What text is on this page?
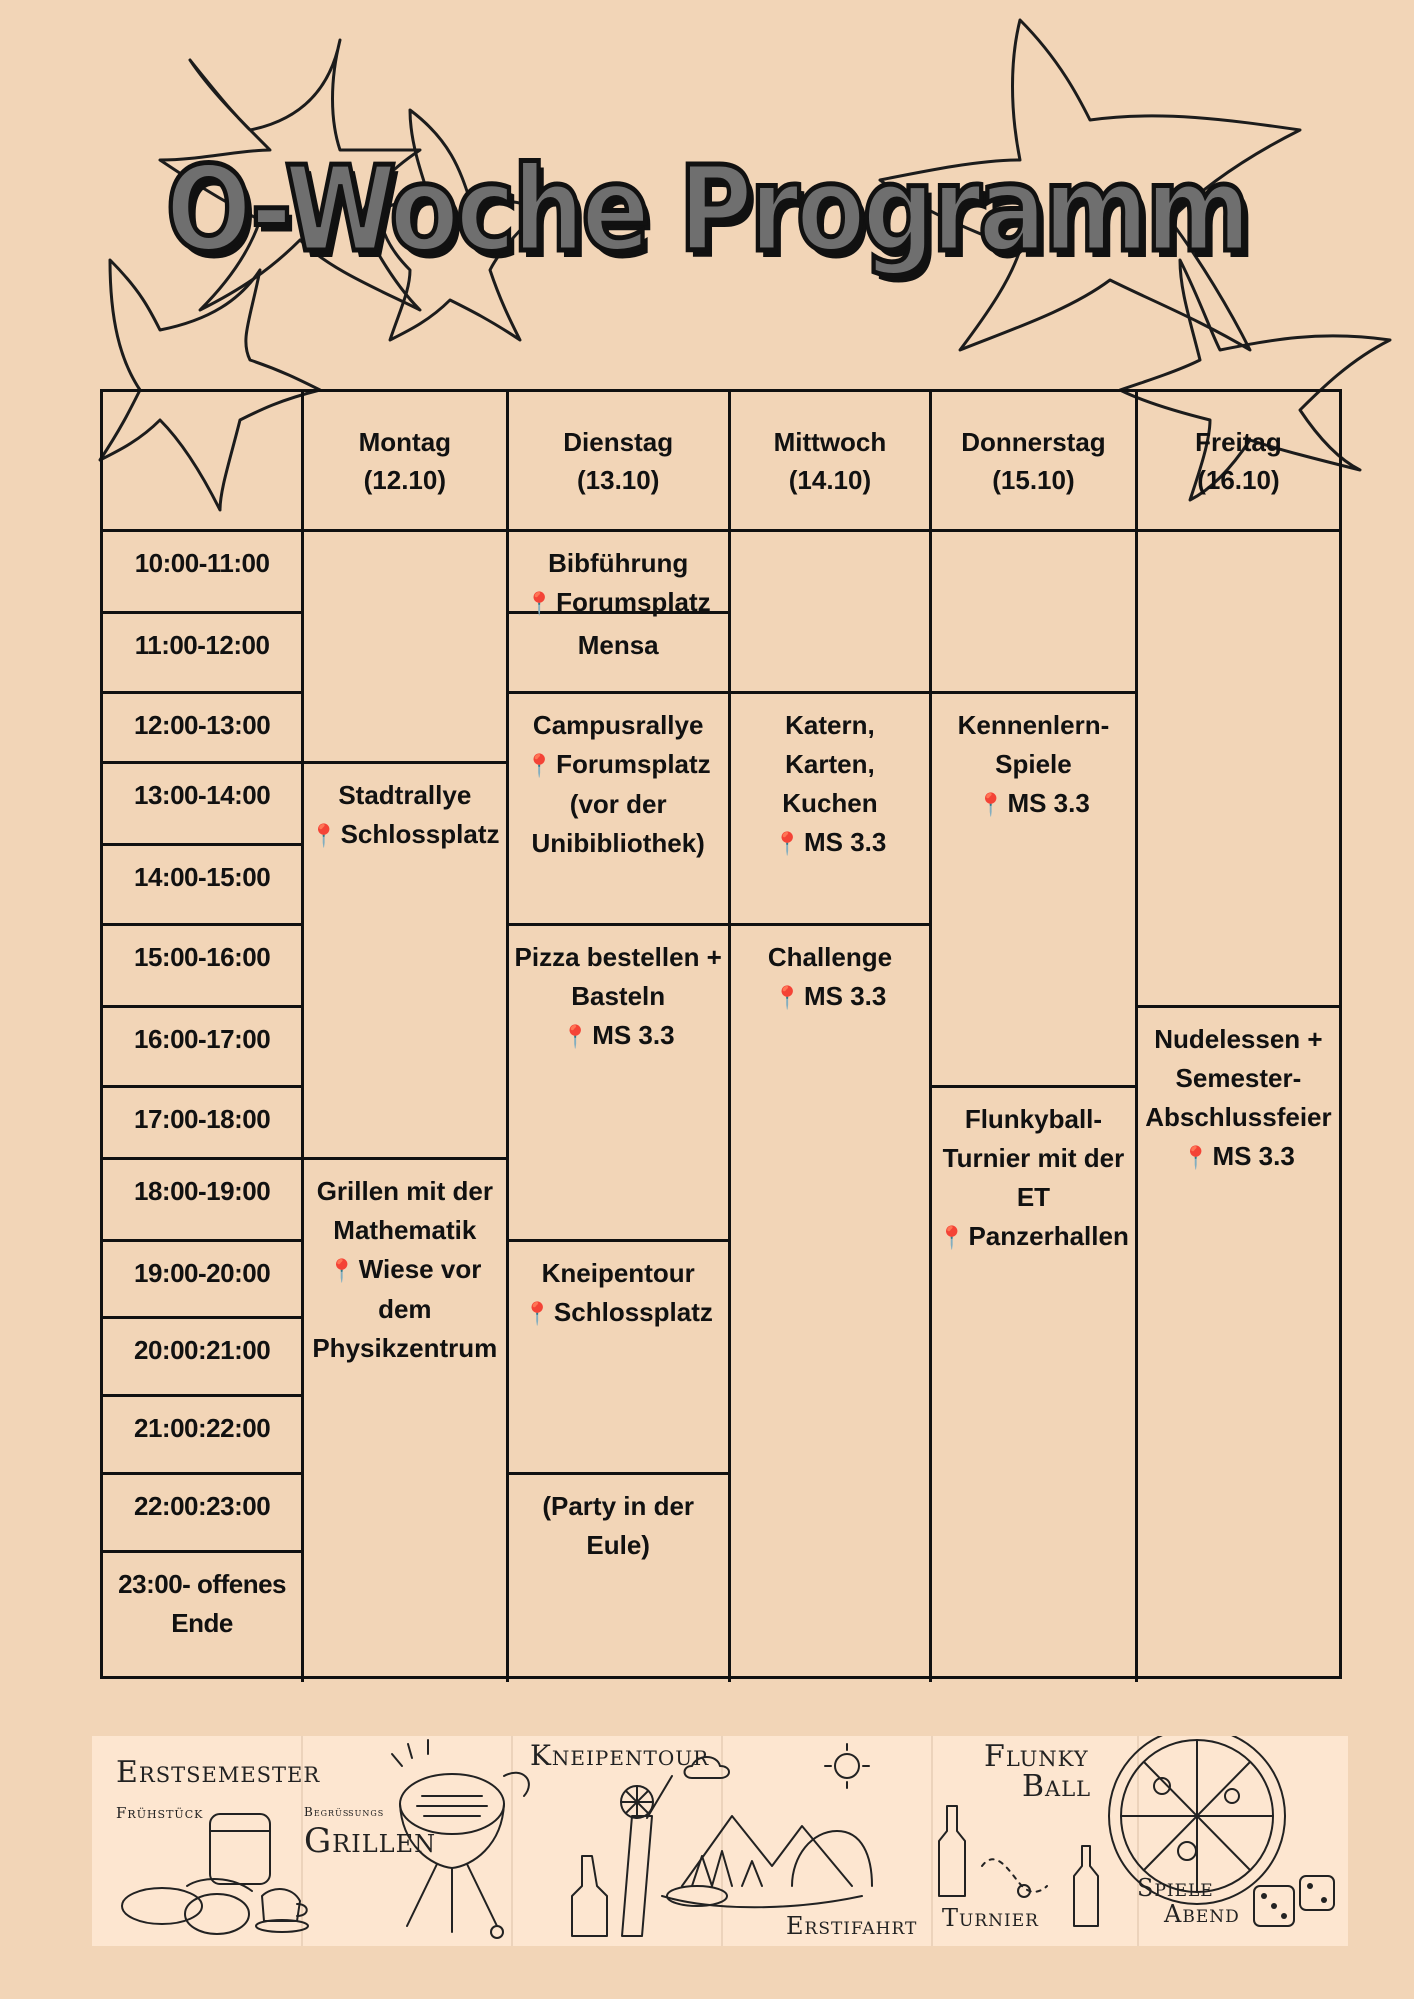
O-Woche Programm
Montag
(12.10)
Dienstag
(13.10)
Mittwoch
(14.10)
Donnerstag
(15.10)
Freitag
(16.10)
10:00-11:00
11:00-12:00
12:00-13:00
13:00-14:00
14:00-15:00
15:00-16:00
16:00-17:00
17:00-18:00
18:00-19:00
19:00-20:00
20:00:21:00
21:00:22:00
22:00:23:00
23:00- offenes
Ende
Stadtrallye
📍 Schlossplatz
Grillen mit der
Mathematik
📍 Wiese vor
dem
Physikzentrum
Bibführung
📍 Forumsplatz
Mensa
Campusrallye
📍 Forumsplatz
(vor der
Unibibliothek)
Pizza bestellen +
Basteln
📍 MS 3.3
Kneipentour
📍 Schlossplatz
(Party in der
Eule)
Katern,
Karten,
Kuchen
📍 MS 3.3
Challenge
📍 MS 3.3
Kennenlern-
Spiele
📍 MS 3.3
Flunkyball-
Turnier mit der
ET
📍 Panzerhallen
Nudelessen +
Semester-
Abschlussfeier
📍 MS 3.3
Erstsemester
Frühstück	Begrüßungs
Grillen
Kneipentour
Erstifahrt
Flunky
Ball
Turnier
Spiele
Abend
